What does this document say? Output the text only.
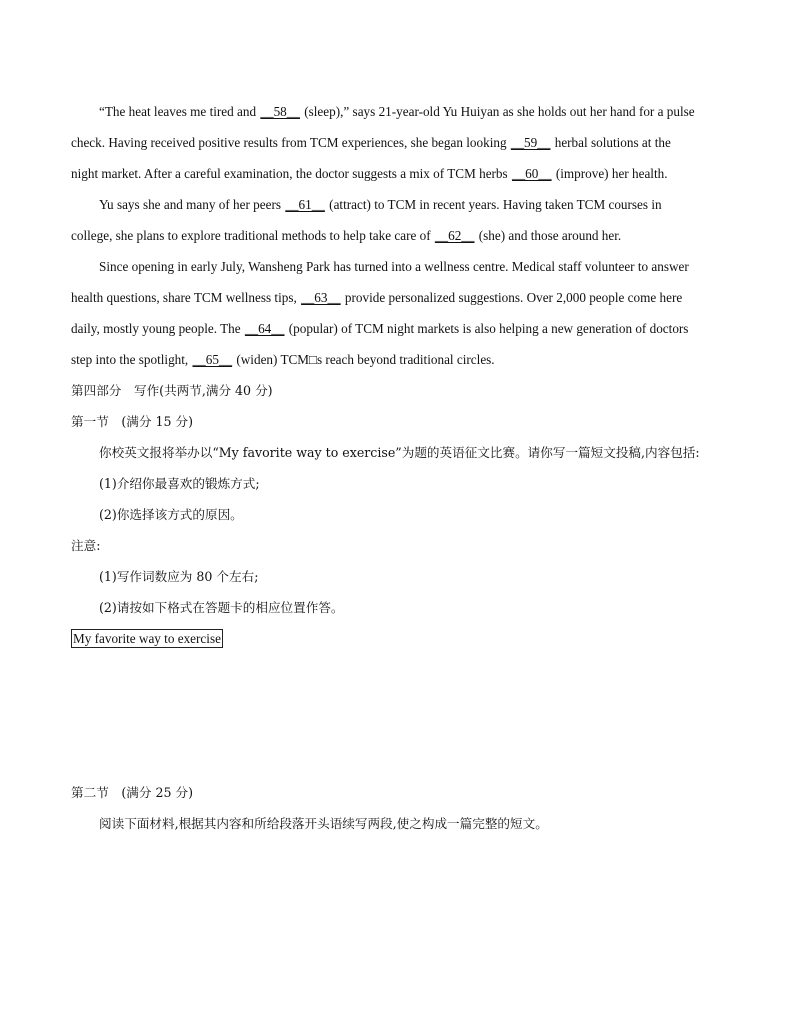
“The heat leaves me tired and __58__ (sleep),” says 21-year-old Yu Huiyan as she holds out her hand for a pulse
check. Having received positive results from TCM experiences, she began looking __59__ herbal solutions at the
night market. After a careful examination, the doctor suggests a mix of TCM herbs __60__ (improve) her health.
Yu says she and many of her peers __61__ (attract) to TCM in recent years. Having taken TCM courses in
college, she plans to explore traditional methods to help take care of __62__ (she) and those around her.
Since opening in early July, Wansheng Park has turned into a wellness centre. Medical staff volunteer to answer
health questions, share TCM wellness tips, __63__ provide personalized suggestions. Over 2,000 people come here
daily, mostly young people. The __64__ (popular) of TCM night markets is also helping a new generation of doctors
step into the spotlight, __65__ (widen) TCM□s reach beyond traditional circles.
第四部分　写作(共两节,满分 40 分)
第一节　(满分 15 分)
你校英文报将举办以“My favorite way to exercise”为题的英语征文比赛。请你写一篇短文投稿,内容包括:
(1)介绍你最喜欢的锻炼方式;
(2)你选择该方式的原因。
注意:
(1)写作词数应为 80 个左右;
(2)请按如下格式在答题卡的相应位置作答。
My favorite way to exercise
第二节　(满分 25 分)
阅读下面材料,根据其内容和所给段落开头语续写两段,使之构成一篇完整的短文。
